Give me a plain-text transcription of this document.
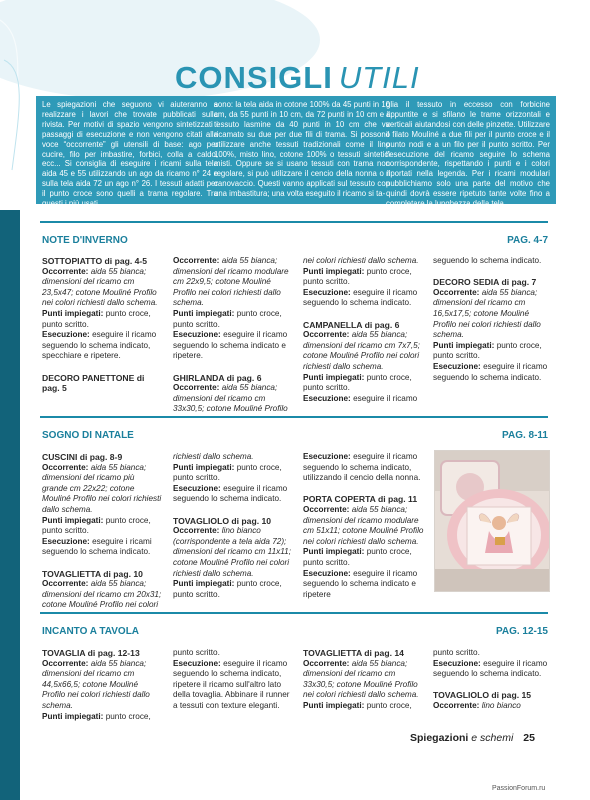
CONSIGLI UTILI
Le spiegazioni che seguono vi aiuteranno a realizzare i lavori che trovate pubblicati sulla rivista. Per motivi di spazio vengono sintetizzati i passaggi di esecuzione e non vengono citati alla voce “occorrente” gli utensili di base: ago per cucire, filo per imbastire, forbici, colla a caldo, ecc... Si consiglia di eseguire i ricami sulla tela aida 45 e 55 utilizzando un ago da ricamo n° 24 e sulla tela aida 72 un ago n° 26. I tessuti adatti per il punto croce sono quelli a trama regolare. Tra questi i più usati
sono: la tela aida in cotone 100% da 45 punti in 10 cm, da 55 punti in 10 cm, da 72 punti in 10 cm e il tessuto lasmine da 40 punti in 10 cm che va ricamato su due per due fili di trama. Si possono utilizzare anche tessuti tradizionali come il lino 100%, misto lino, cotone 100% o tessuti sintetici misti. Oppure se si usano tessuti con trama non regolare, si può utilizzare il cencio della nonna o il canovaccio. Questi vanno applicati sul tessuto con una imbastitura; una volta eseguito il ricamo si ta-
glia il tessuto in eccesso con forbicine appuntite e si sfilano le trame orizzontali e verticali aiutandosi con delle pinzette. Utilizzare il filato Mouliné a due fili per il punto croce e il punto nodi e a un filo per il punto scritto. Per l'esecuzione del ricamo seguire lo schema corrispondente, rispettando i punti e i colori riportati nella legenda. Per i ricami modulari pubblichiamo solo una parte del motivo che quindi dovrà essere ripetuto tante volte fino a completare la lunghezza della tela.
NOTE D'INVERNO	PAG. 4-7
SOTTOPIATTO di pag. 4-5
Occorrente: aida 55 bianca; dimensioni del ricamo cm 23,5x47; cotone Mouliné Profilo nei colori richiesti dallo schema.
Punti impiegati: punto croce, punto scritto.
Esecuzione: eseguire il ricamo seguendo lo schema indicato, specchiare e ripetere.

DECORO PANETTONE di pag. 5
Occorrente: aida 55 bianca; dimensioni del ricamo modulare cm 22x9,5; cotone Mouliné Profilo nei colori richiesti dallo schema.
Punti impiegati: punto croce, punto scritto.
Esecuzione: eseguire il ricamo seguendo lo schema indicato e ripetere.

GHIRLANDA di pag. 6
Occorrente: aida 55 bianca; dimensioni del ricamo cm 33x30,5; cotone Mouliné Profilo
nei colori richiesti dallo schema.
Punti impiegati: punto croce, punto scritto.
Esecuzione: eseguire il ricamo seguendo lo schema indicato.

CAMPANELLA di pag. 6
Occorrente: aida 55 bianca; dimensioni del ricamo cm 7x7,5; cotone Mouliné Profilo nei colori richiesti dallo schema.
Punti impiegati: punto croce, punto scritto.
Esecuzione: eseguire il ricamo
seguendo lo schema indicato.

DECORO SEDIA di pag. 7
Occorrente: aida 55 bianca; dimensioni del ricamo cm 16,5x17,5; cotone Mouliné Profilo nei colori richiesti dallo schema.
Punti impiegati: punto croce, punto scritto.
Esecuzione: eseguire il ricamo seguendo lo schema indicato.
SOGNO DI NATALE	PAG. 8-11
CUSCINI di pag. 8-9
Occorrente: aida 55 bianca; dimensioni del ricamo più grande cm 22x22; cotone Mouliné Profilo nei colori richiesti dallo schema.
Punti impiegati: punto croce, punto scritto.
Esecuzione: eseguire i ricami seguendo lo schema indicato.

TOVAGLIETTA di pag. 10
Occorrente: aida 55 bianca; dimensioni del ricamo cm 20x31; cotone Mouliné Profilo nei colori
richiesti dallo schema.
Punti impiegati: punto croce, punto scritto.
Esecuzione: eseguire il ricamo seguendo lo schema indicato.

TOVAGLIOLO di pag. 10
Occorrente: lino bianco (corrispondente a tela aida 72); dimensioni del ricamo cm 11x11; cotone Mouliné Profilo nei colori richiesti dallo schema.
Punti impiegati: punto croce, punto scritto.
Esecuzione: eseguire il ricamo seguendo lo schema indicato, utilizzando il cencio della nonna.

PORTA COPERTA di pag. 11
Occorrente: aida 55 bianca; dimensioni del ricamo modulare cm 51x11; cotone Mouliné Profilo nei colori richiesti dallo schema.
Punti impiegati: punto croce, punto scritto.
Esecuzione: eseguire il ricamo seguendo lo schema indicato e ripetere
INCANTO A TAVOLA	PAG. 12-15
TOVAGLIA di pag. 12-13
Occorrente: aida 55 bianca; dimensioni del ricamo cm 44,5x66,5; cotone Mouliné Profilo nei colori richiesti dallo schema.
Punti impiegati: punto croce,
punto scritto.
Esecuzione: eseguire il ricamo seguendo lo schema indicato, ripetere il ricamo sull'altro lato della tovaglia. Abbinare il runner a tessuti con texture eleganti.
TOVAGLIETTA di pag. 14
Occorrente: aida 55 bianca; dimensioni del ricamo cm 33x30,5; cotone Mouliné Profilo nei colori richiesti dallo schema.
Punti impiegati: punto croce,
punto scritto.
Esecuzione: eseguire il ricamo seguendo lo schema indicato.

TOVAGLIOLO di pag. 15
Occorrente: lino bianco
Spiegazioni e schemi 25
PassionForum.ru
